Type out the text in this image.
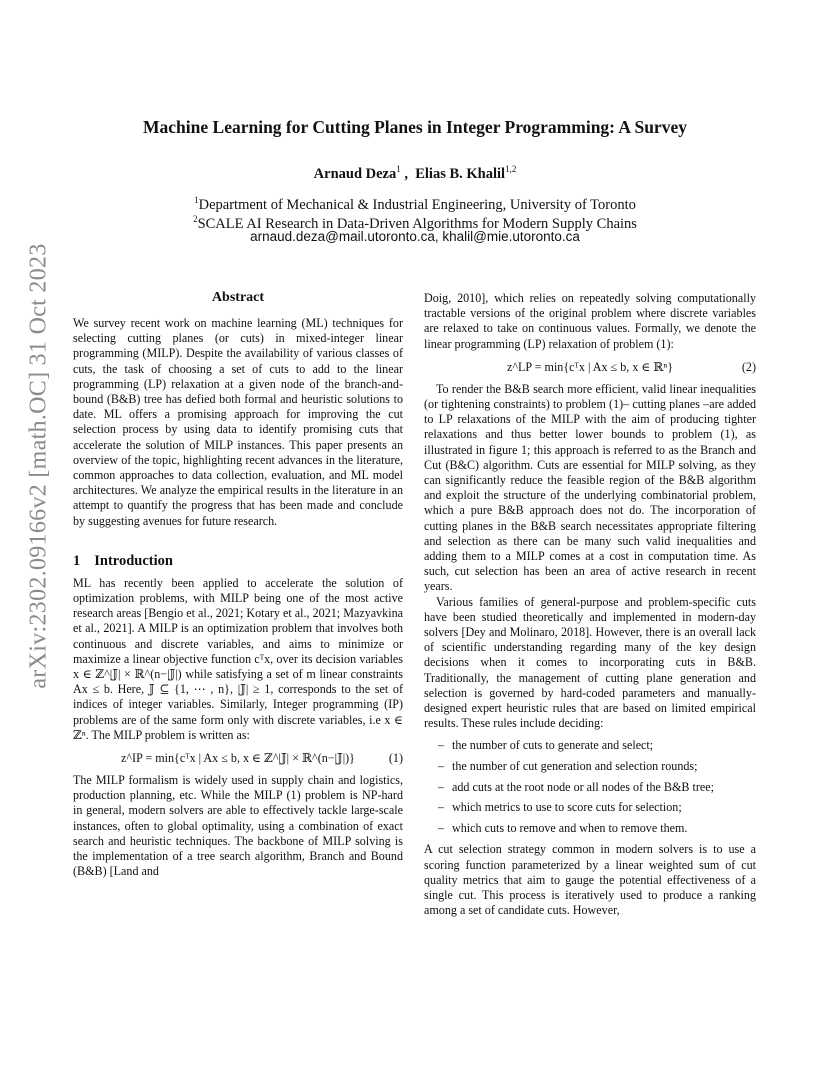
arXiv:2302.09166v2 [math.OC] 31 Oct 2023
Machine Learning for Cutting Planes in Integer Programming: A Survey
Arnaud Deza$^1$ ,  Elias B. Khalil$^{1,2}$
$^1$Department of Mechanical & Industrial Engineering, University of Toronto
$^2$SCALE AI Research in Data-Driven Algorithms for Modern Supply Chains
arnaud.deza@mail.utoronto.ca, khalil@mie.utoronto.ca
Abstract

We survey recent work on machine learning (ML) techniques for selecting cutting planes (or cuts) in mixed-integer linear programming (MILP). Despite the availability of various classes of cuts, the task of choosing a set of cuts to add to the linear programming (LP) relaxation at a given node of the branch-and-bound (B&B) tree has defied both formal and heuristic solutions to date. ML offers a promising approach for improving the cut selection process by using data to identify promising cuts that accelerate the solution of MILP instances. This paper presents an overview of the topic, highlighting recent advances in the literature, common approaches to data collection, evaluation, and ML model architectures. We analyze the empirical results in the literature in an attempt to quantify the progress that has been made and conclude by suggesting avenues for future research.

1 Introduction

ML has recently been applied to accelerate the solution of optimization problems, with MILP being one of the most active research areas [Bengio et al., 2021; Kotary et al., 2021; Mazyavkina et al., 2021]. A MILP is an optimization problem that involves both continuous and discrete variables, and aims to minimize or maximize a linear objective function cᵀx, over its decision variables x ∈ ℤ^|𝕁| × ℝ^(n−|𝕁|) while satisfying a set of m linear constraints Ax ≤ b. Here, 𝕁 ⊆ {1, ⋯ , n}, |𝕁| ≥ 1, corresponds to the set of indices of integer variables. Similarly, Integer programming (IP) problems are of the same form only with discrete variables, i.e x ∈ ℤⁿ. The MILP problem is written as:

z^IP = min{cᵀx | Ax ≤ b, x ∈ ℤ^|𝕁| × ℝ^(n−|𝕁|)}	(1)

The MILP formalism is widely used in supply chain and logistics, production planning, etc. While the MILP (1) problem is NP-hard in general, modern solvers are able to effectively tackle large-scale instances, often to global optimality, using a combination of exact search and heuristic techniques. The backbone of MILP solving is the implementation of a tree search algorithm, Branch and Bound (B&B) [Land and

Doig, 2010], which relies on repeatedly solving computationally tractable versions of the original problem where discrete variables are relaxed to take on continuous values. Formally, we denote the linear programming (LP) relaxation of problem (1):

z^LP = min{cᵀx | Ax ≤ b, x ∈ ℝⁿ}	(2)

To render the B&B search more efficient, valid linear inequalities (or tightening constraints) to problem (1)– cutting planes –are added to LP relaxations of the MILP with the aim of producing tighter relaxations and thus better lower bounds to problem (1), as illustrated in figure 1; this approach is referred to as the Branch and Cut (B&C) algorithm. Cuts are essential for MILP solving, as they can significantly reduce the feasible region of the B&B algorithm and exploit the structure of the underlying combinatorial problem, which a pure B&B approach does not do. The incorporation of cutting planes in the B&B search necessitates appropriate filtering and selection as there can be many such valid inequalities and adding them to a MILP comes at a cost in computation time. As such, cut selection has been an area of active research in recent years.

Various families of general-purpose and problem-specific cuts have been studied theoretically and implemented in modern-day solvers [Dey and Molinaro, 2018]. However, there is an overall lack of scientific understanding regarding many of the key design decisions when it comes to incorporating cuts in B&B. Traditionally, the management of cutting plane generation and selection is governed by hard-coded parameters and manually-designed expert heuristic rules that are based on limited empirical results. These rules include deciding:

– the number of cuts to generate and select;
– the number of cut generation and selection rounds;
– add cuts at the root node or all nodes of the B&B tree;
– which metrics to use to score cuts for selection;
– which cuts to remove and when to remove them.

A cut selection strategy common in modern solvers is to use a scoring function parameterized by a linear weighted sum of cut quality metrics that aim to gauge the potential effectiveness of a single cut. This process is iteratively used to produce a ranking among a set of candidate cuts. However,
